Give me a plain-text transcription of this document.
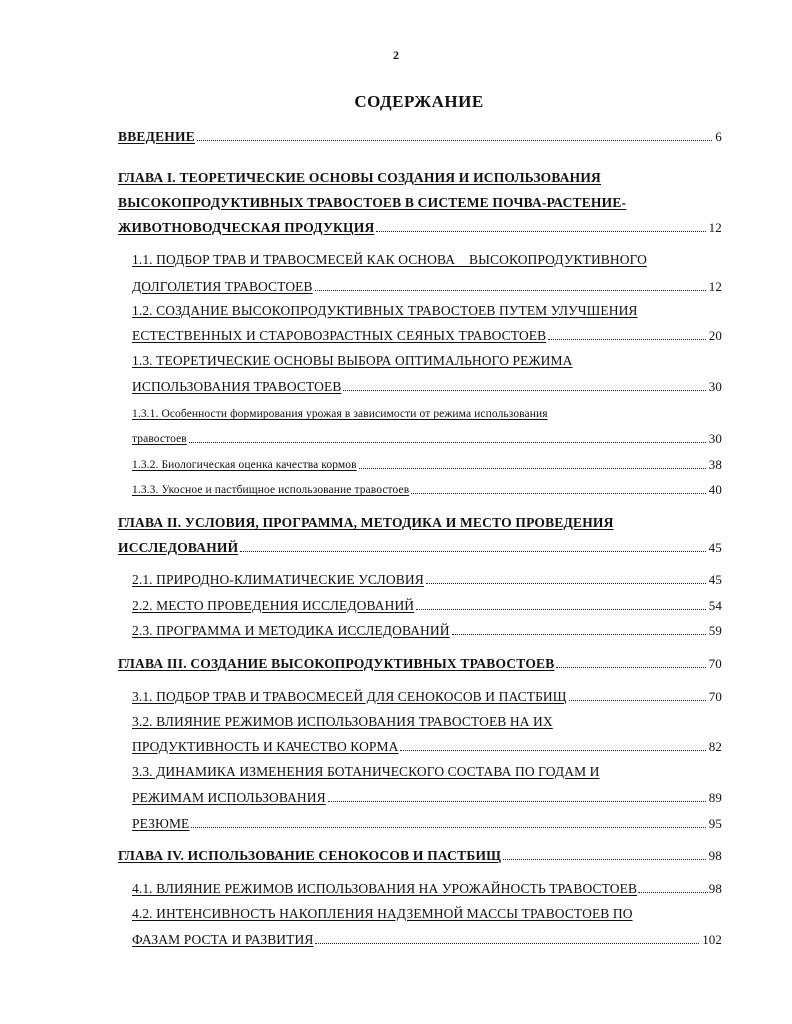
2
СОДЕРЖАНИЕ
ВВЕДЕНИЕ	6
ГЛАВА I. ТЕОРЕТИЧЕСКИЕ ОСНОВЫ СОЗДАНИЯ И ИСПОЛЬЗОВАНИЯ
ВЫСОКОПРОДУКТИВНЫХ ТРАВОСТОЕВ В СИСТЕМЕ ПОЧВА-РАСТЕНИЕ-
ЖИВОТНОВОДЧЕСКАЯ ПРОДУКЦИЯ	12
1.1. ПОДБОР ТРАВ И ТРАВОСМЕСЕЙ КАК ОСНОВА    ВЫСОКОПРОДУКТИВНОГО
ДОЛГОЛЕТИЯ ТРАВОСТОЕВ	12
1.2. СОЗДАНИЕ ВЫСОКОПРОДУКТИВНЫХ ТРАВОСТОЕВ ПУТЕМ УЛУЧШЕНИЯ
ЕСТЕСТВЕННЫХ И СТАРОВОЗРАСТНЫХ СЕЯНЫХ ТРАВОСТОЕВ	20
1.3. ТЕОРЕТИЧЕСКИЕ ОСНОВЫ ВЫБОРА ОПТИМАЛЬНОГО РЕЖИМА
ИСПОЛЬЗОВАНИЯ ТРАВОСТОЕВ	30
1.3.1. Особенности формирования урожая в зависимости от режима использования
травостоев	30
1.3.2. Биологическая оценка качества кормов	38
1.3.3. Укосное и пастбищное использование травостоев	40
ГЛАВА II. УСЛОВИЯ, ПРОГРАММА, МЕТОДИКА И МЕСТО ПРОВЕДЕНИЯ
ИССЛЕДОВАНИЙ	45
2.1. ПРИРОДНО-КЛИМАТИЧЕСКИЕ УСЛОВИЯ	45
2.2. МЕСТО ПРОВЕДЕНИЯ ИССЛЕДОВАНИЙ	54
2.3. ПРОГРАММА И МЕТОДИКА ИССЛЕДОВАНИЙ	59
ГЛАВА III. СОЗДАНИЕ ВЫСОКОПРОДУКТИВНЫХ ТРАВОСТОЕВ	70
3.1. ПОДБОР ТРАВ И ТРАВОСМЕСЕЙ ДЛЯ СЕНОКОСОВ И ПАСТБИЩ	70
3.2. ВЛИЯНИЕ РЕЖИМОВ ИСПОЛЬЗОВАНИЯ ТРАВОСТОЕВ НА ИХ
ПРОДУКТИВНОСТЬ И КАЧЕСТВО КОРМА	82
3.3. ДИНАМИКА ИЗМЕНЕНИЯ БОТАНИЧЕСКОГО СОСТАВА ПО ГОДАМ И
РЕЖИМАМ ИСПОЛЬЗОВАНИЯ	89
РЕЗЮМЕ	95
ГЛАВА IV. ИСПОЛЬЗОВАНИЕ СЕНОКОСОВ И ПАСТБИЩ	98
4.1. ВЛИЯНИЕ РЕЖИМОВ ИСПОЛЬЗОВАНИЯ НА УРОЖАЙНОСТЬ ТРАВОСТОЕВ	98
4.2. ИНТЕНСИВНОСТЬ НАКОПЛЕНИЯ НАДЗЕМНОЙ МАССЫ ТРАВОСТОЕВ ПО
ФАЗАМ РОСТА И РАЗВИТИЯ	102
